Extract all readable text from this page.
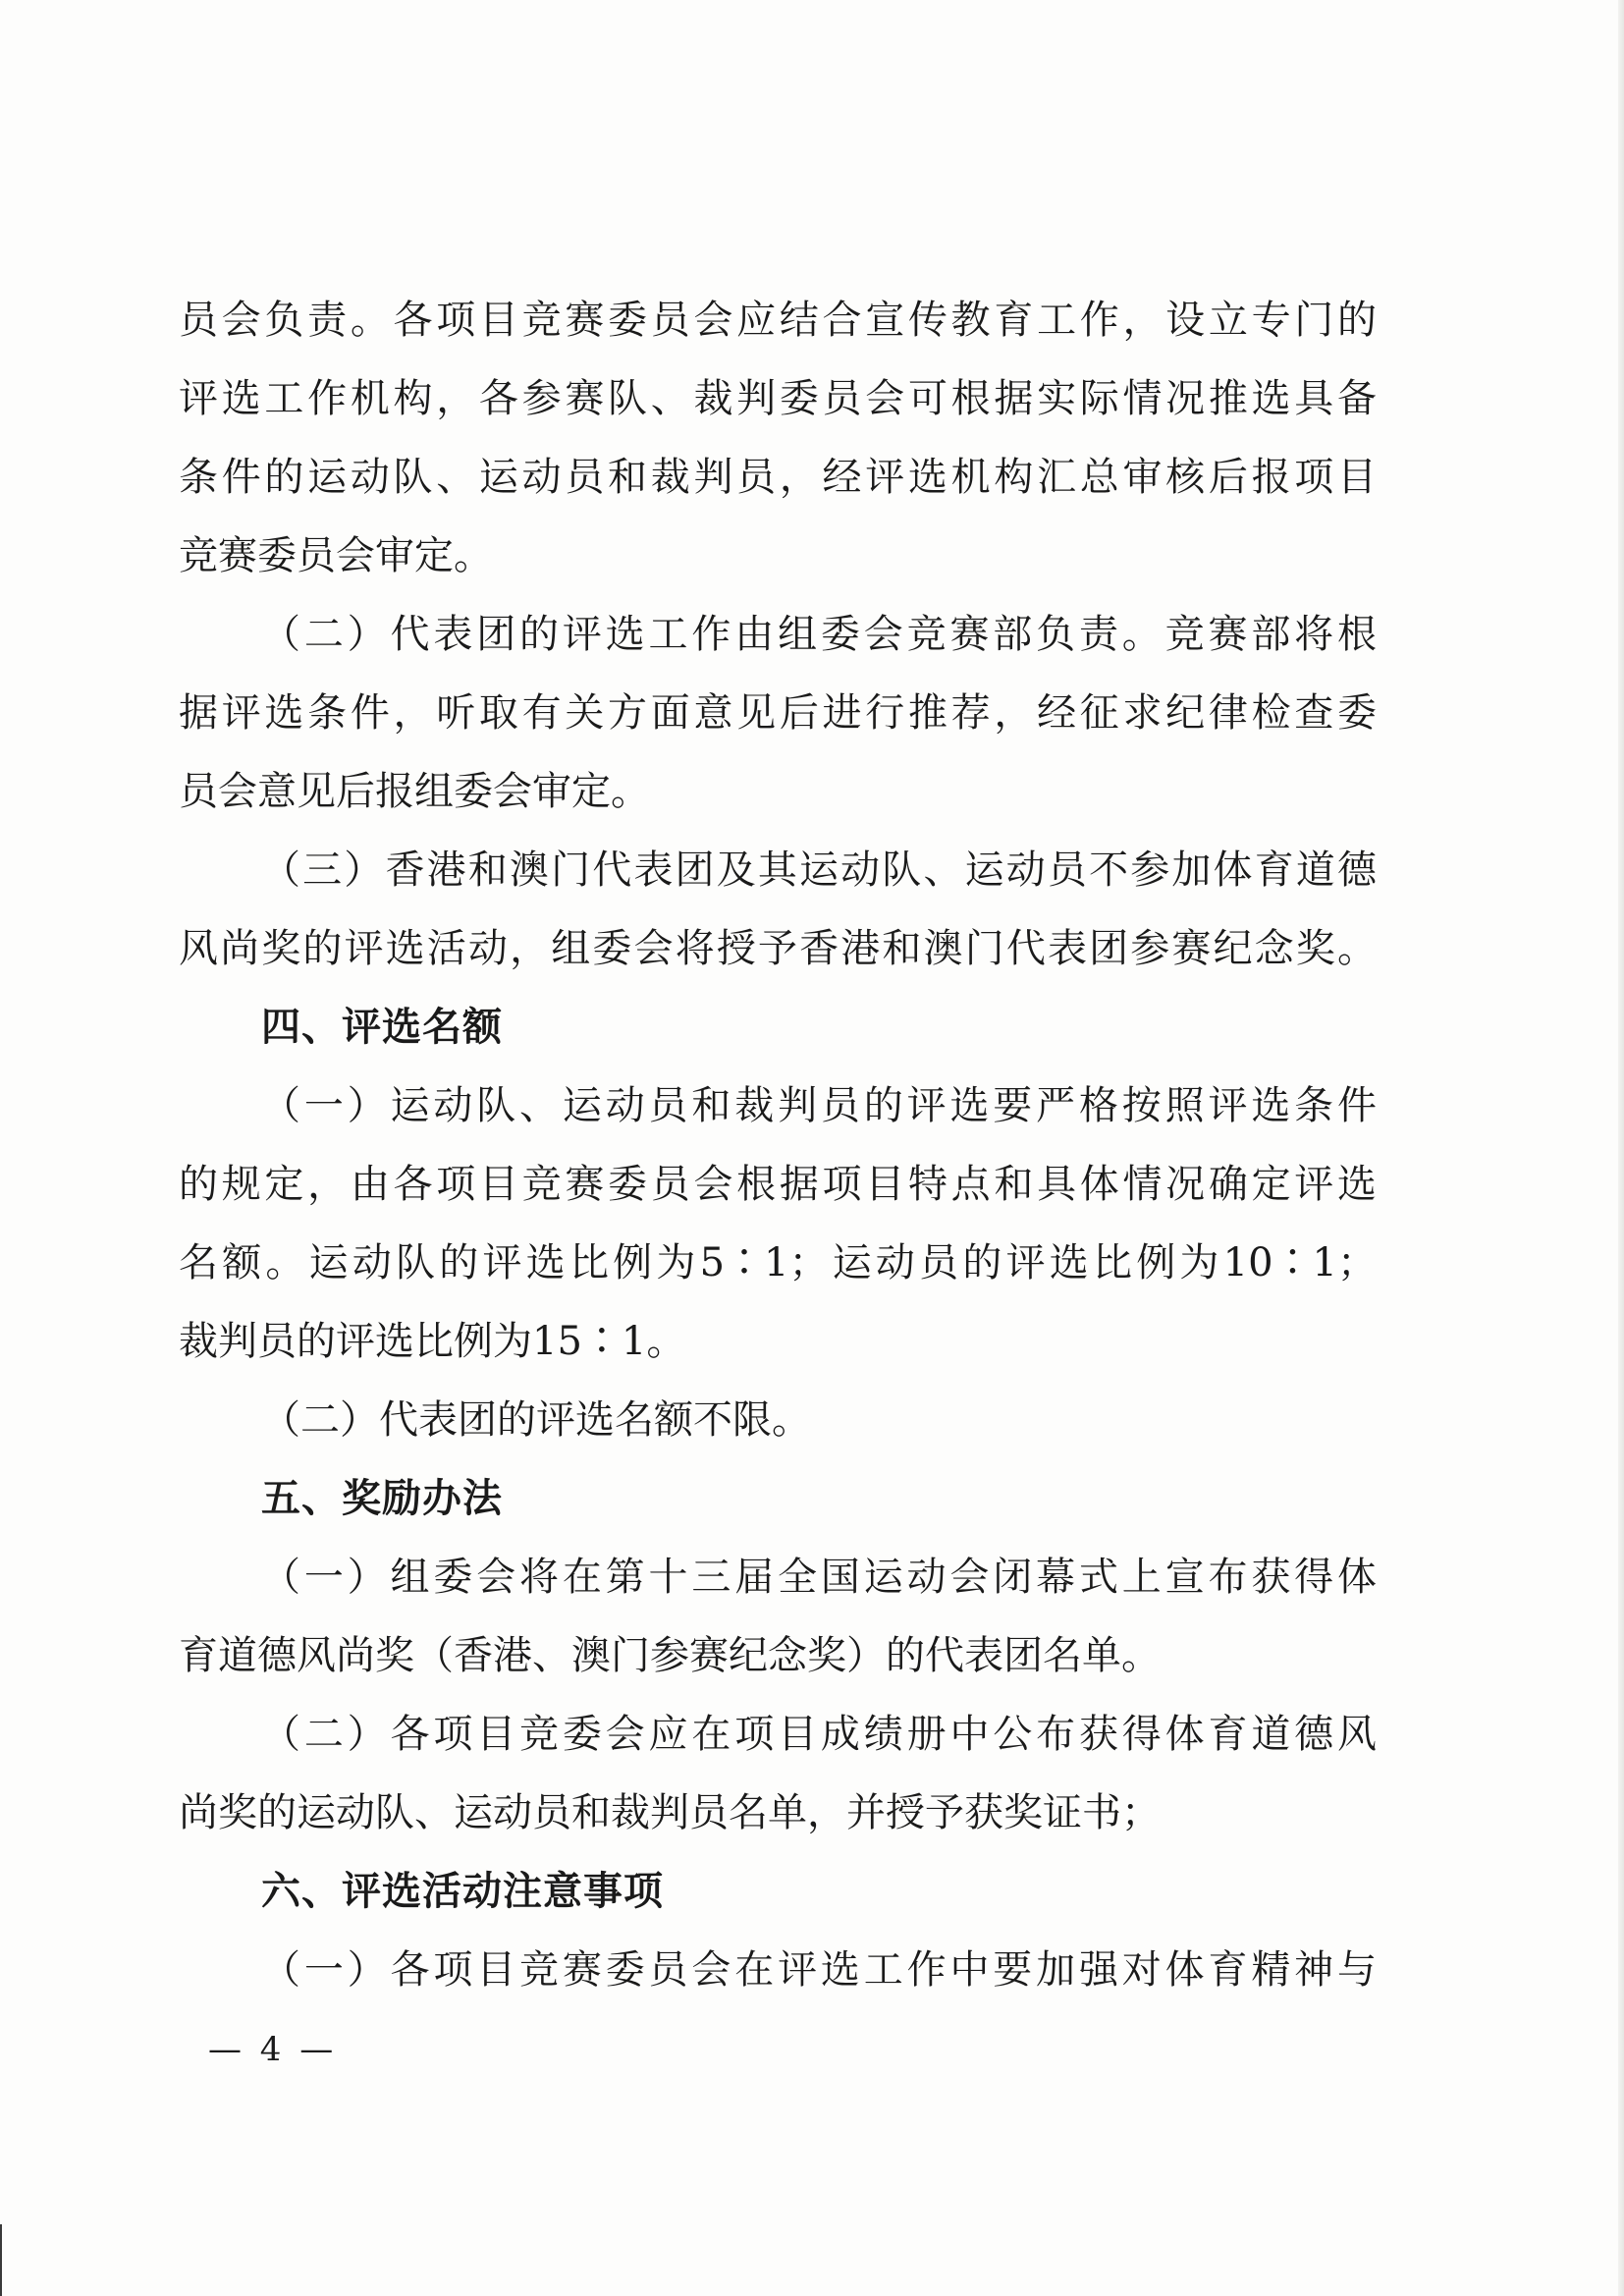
员会负责。各项目竞赛委员会应结合宣传教育工作，设立专门的
评选工作机构，各参赛队、裁判委员会可根据实际情况推选具备
条件的运动队、运动员和裁判员，经评选机构汇总审核后报项目
竞赛委员会审定。
（二）代表团的评选工作由组委会竞赛部负责。竞赛部将根
据评选条件，听取有关方面意见后进行推荐，经征求纪律检查委
员会意见后报组委会审定。
（三）香港和澳门代表团及其运动队、运动员不参加体育道德
风尚奖的评选活动，组委会将授予香港和澳门代表团参赛纪念奖。
四、评选名额
（一）运动队、运动员和裁判员的评选要严格按照评选条件
的规定，由各项目竞赛委员会根据项目特点和具体情况确定评选
名额。运动队的评选比例为5∶1；运动员的评选比例为10∶1；
裁判员的评选比例为15∶1。
（二）代表团的评选名额不限。
五、奖励办法
（一）组委会将在第十三届全国运动会闭幕式上宣布获得体
育道德风尚奖（香港、澳门参赛纪念奖）的代表团名单。
（二）各项目竞委会应在项目成绩册中公布获得体育道德风
尚奖的运动队、运动员和裁判员名单，并授予获奖证书；
六、评选活动注意事项
（一）各项目竞赛委员会在评选工作中要加强对体育精神与
— 4 —
